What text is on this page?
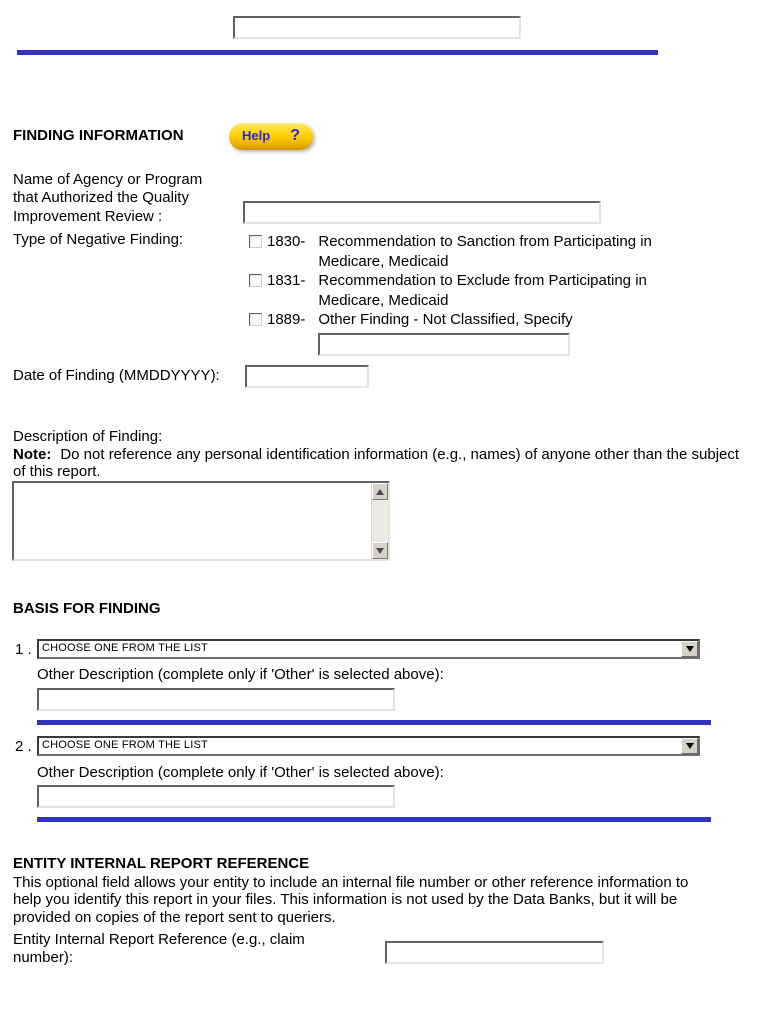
FINDING INFORMATION	Help ?
Name of Agency or Program
that Authorized the Quality
Improvement Review :
Type of Negative Finding:	1830 - Recommendation to Sanction from Participating in Medicare, Medicaid
1831 - Recommendation to Exclude from Participating in Medicare, Medicaid
1889 - Other Finding - Not Classified, Specify
Date of Finding (MMDDYYYY):
Description of Finding:
Note: Do not reference any personal identification information (e.g., names) of anyone other than the subject
of this report.
BASIS FOR FINDING
1 . CHOOSE ONE FROM THE LIST
Other Description (complete only if 'Other' is selected above):
2 . CHOOSE ONE FROM THE LIST
Other Description (complete only if 'Other' is selected above):
ENTITY INTERNAL REPORT REFERENCE
This optional field allows your entity to include an internal file number or other reference information to
help you identify this report in your files. This information is not used by the Data Banks, but it will be
provided on copies of the report sent to queriers.
Entity Internal Report Reference (e.g., claim
number):
